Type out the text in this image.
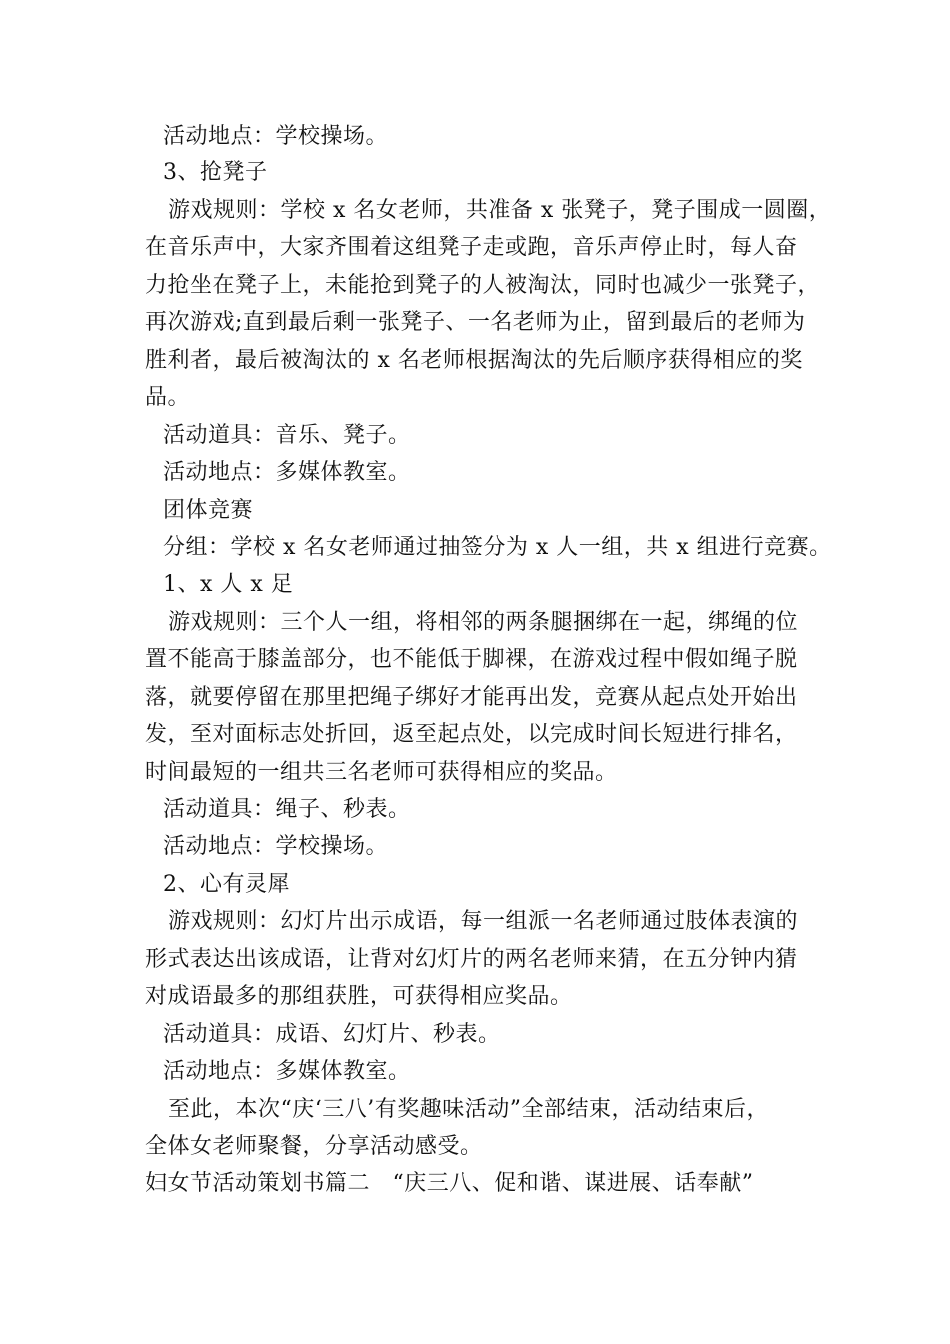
活动地点：学校操场。
3、抢凳子
游戏规则：学校 x 名女老师，共准备 x 张凳子，凳子围成一圆圈，
在音乐声中，大家齐围着这组凳子走或跑，音乐声停止时，每人奋
力抢坐在凳子上，未能抢到凳子的人被淘汰，同时也减少一张凳子，
再次游戏;直到最后剩一张凳子、一名老师为止，留到最后的老师为
胜利者，最后被淘汰的 x 名老师根据淘汰的先后顺序获得相应的奖
品。
活动道具：音乐、凳子。
活动地点：多媒体教室。
团体竞赛
分组：学校 x 名女老师通过抽签分为 x 人一组，共 x 组进行竞赛。
1、x 人 x 足
游戏规则：三个人一组，将相邻的两条腿捆绑在一起，绑绳的位
置不能高于膝盖部分，也不能低于脚裸，在游戏过程中假如绳子脱
落，就要停留在那里把绳子绑好才能再出发，竞赛从起点处开始出
发，至对面标志处折回，返至起点处，以完成时间长短进行排名，
时间最短的一组共三名老师可获得相应的奖品。
活动道具：绳子、秒表。
活动地点：学校操场。
2、心有灵犀
游戏规则：幻灯片出示成语，每一组派一名老师通过肢体表演的
形式表达出该成语，让背对幻灯片的两名老师来猜，在五分钟内猜
对成语最多的那组获胜，可获得相应奖品。
活动道具：成语、幻灯片、秒表。
活动地点：多媒体教室。
至此，本次“庆‘三八’有奖趣味活动”全部结束，活动结束后，
全体女老师聚餐，分享活动感受。
妇女节活动策划书篇二　“庆三八、促和谐、谋进展、话奉献”
